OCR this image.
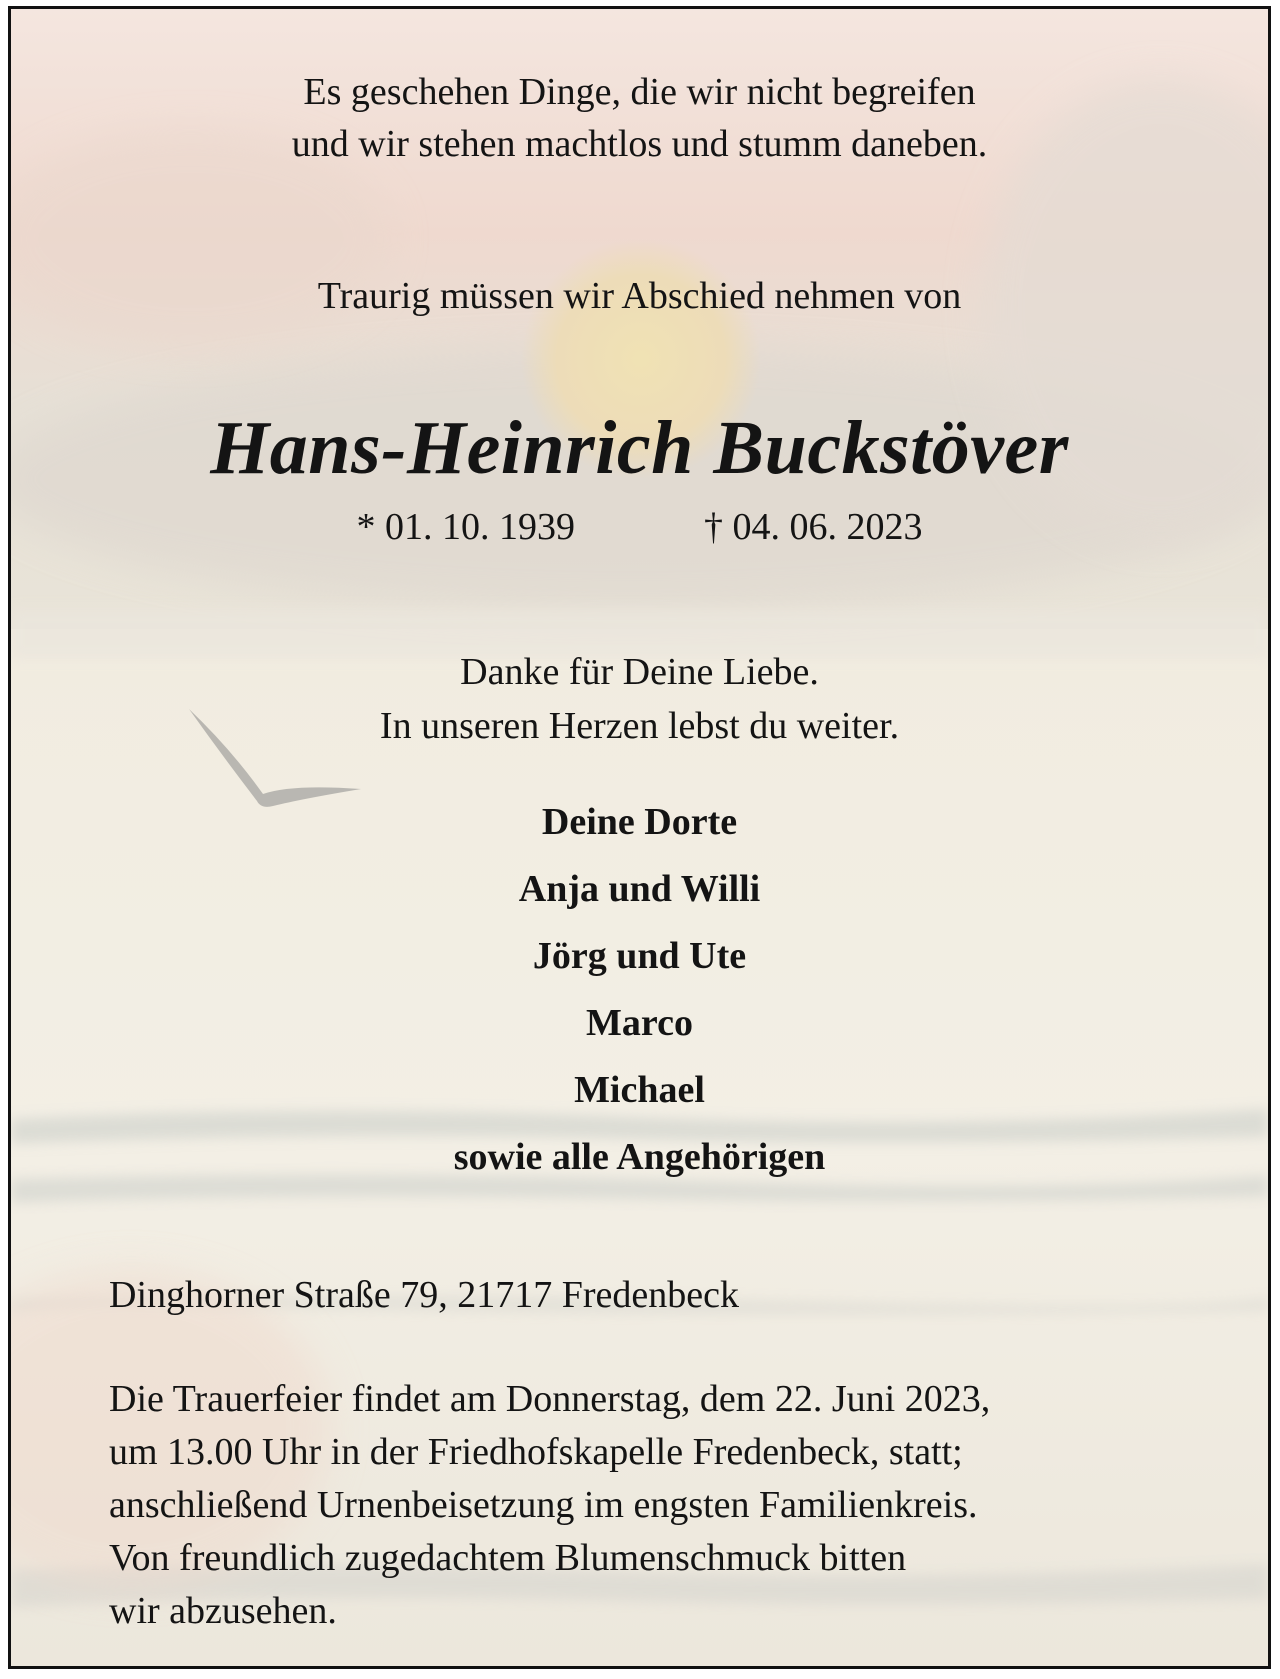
Es geschehen Dinge, die wir nicht begreifen
und wir stehen machtlos und stumm daneben.
Traurig müssen wir Abschied nehmen von
Hans-Heinrich Buckstöver
* 01. 10. 1939	† 04. 06. 2023
Danke für Deine Liebe.
In unseren Herzen lebst du weiter.
Deine Dorte
Anja und Willi
Jörg und Ute
Marco
Michael
sowie alle Angehörigen
Dinghorner Straße 79, 21717 Fredenbeck
Die Trauerfeier findet am Donnerstag, dem 22. Juni 2023,
um 13.00 Uhr in der Friedhofskapelle Fredenbeck, statt;
anschließend Urnenbeisetzung im engsten Familienkreis.
Von freundlich zugedachtem Blumenschmuck bitten
wir abzusehen.
